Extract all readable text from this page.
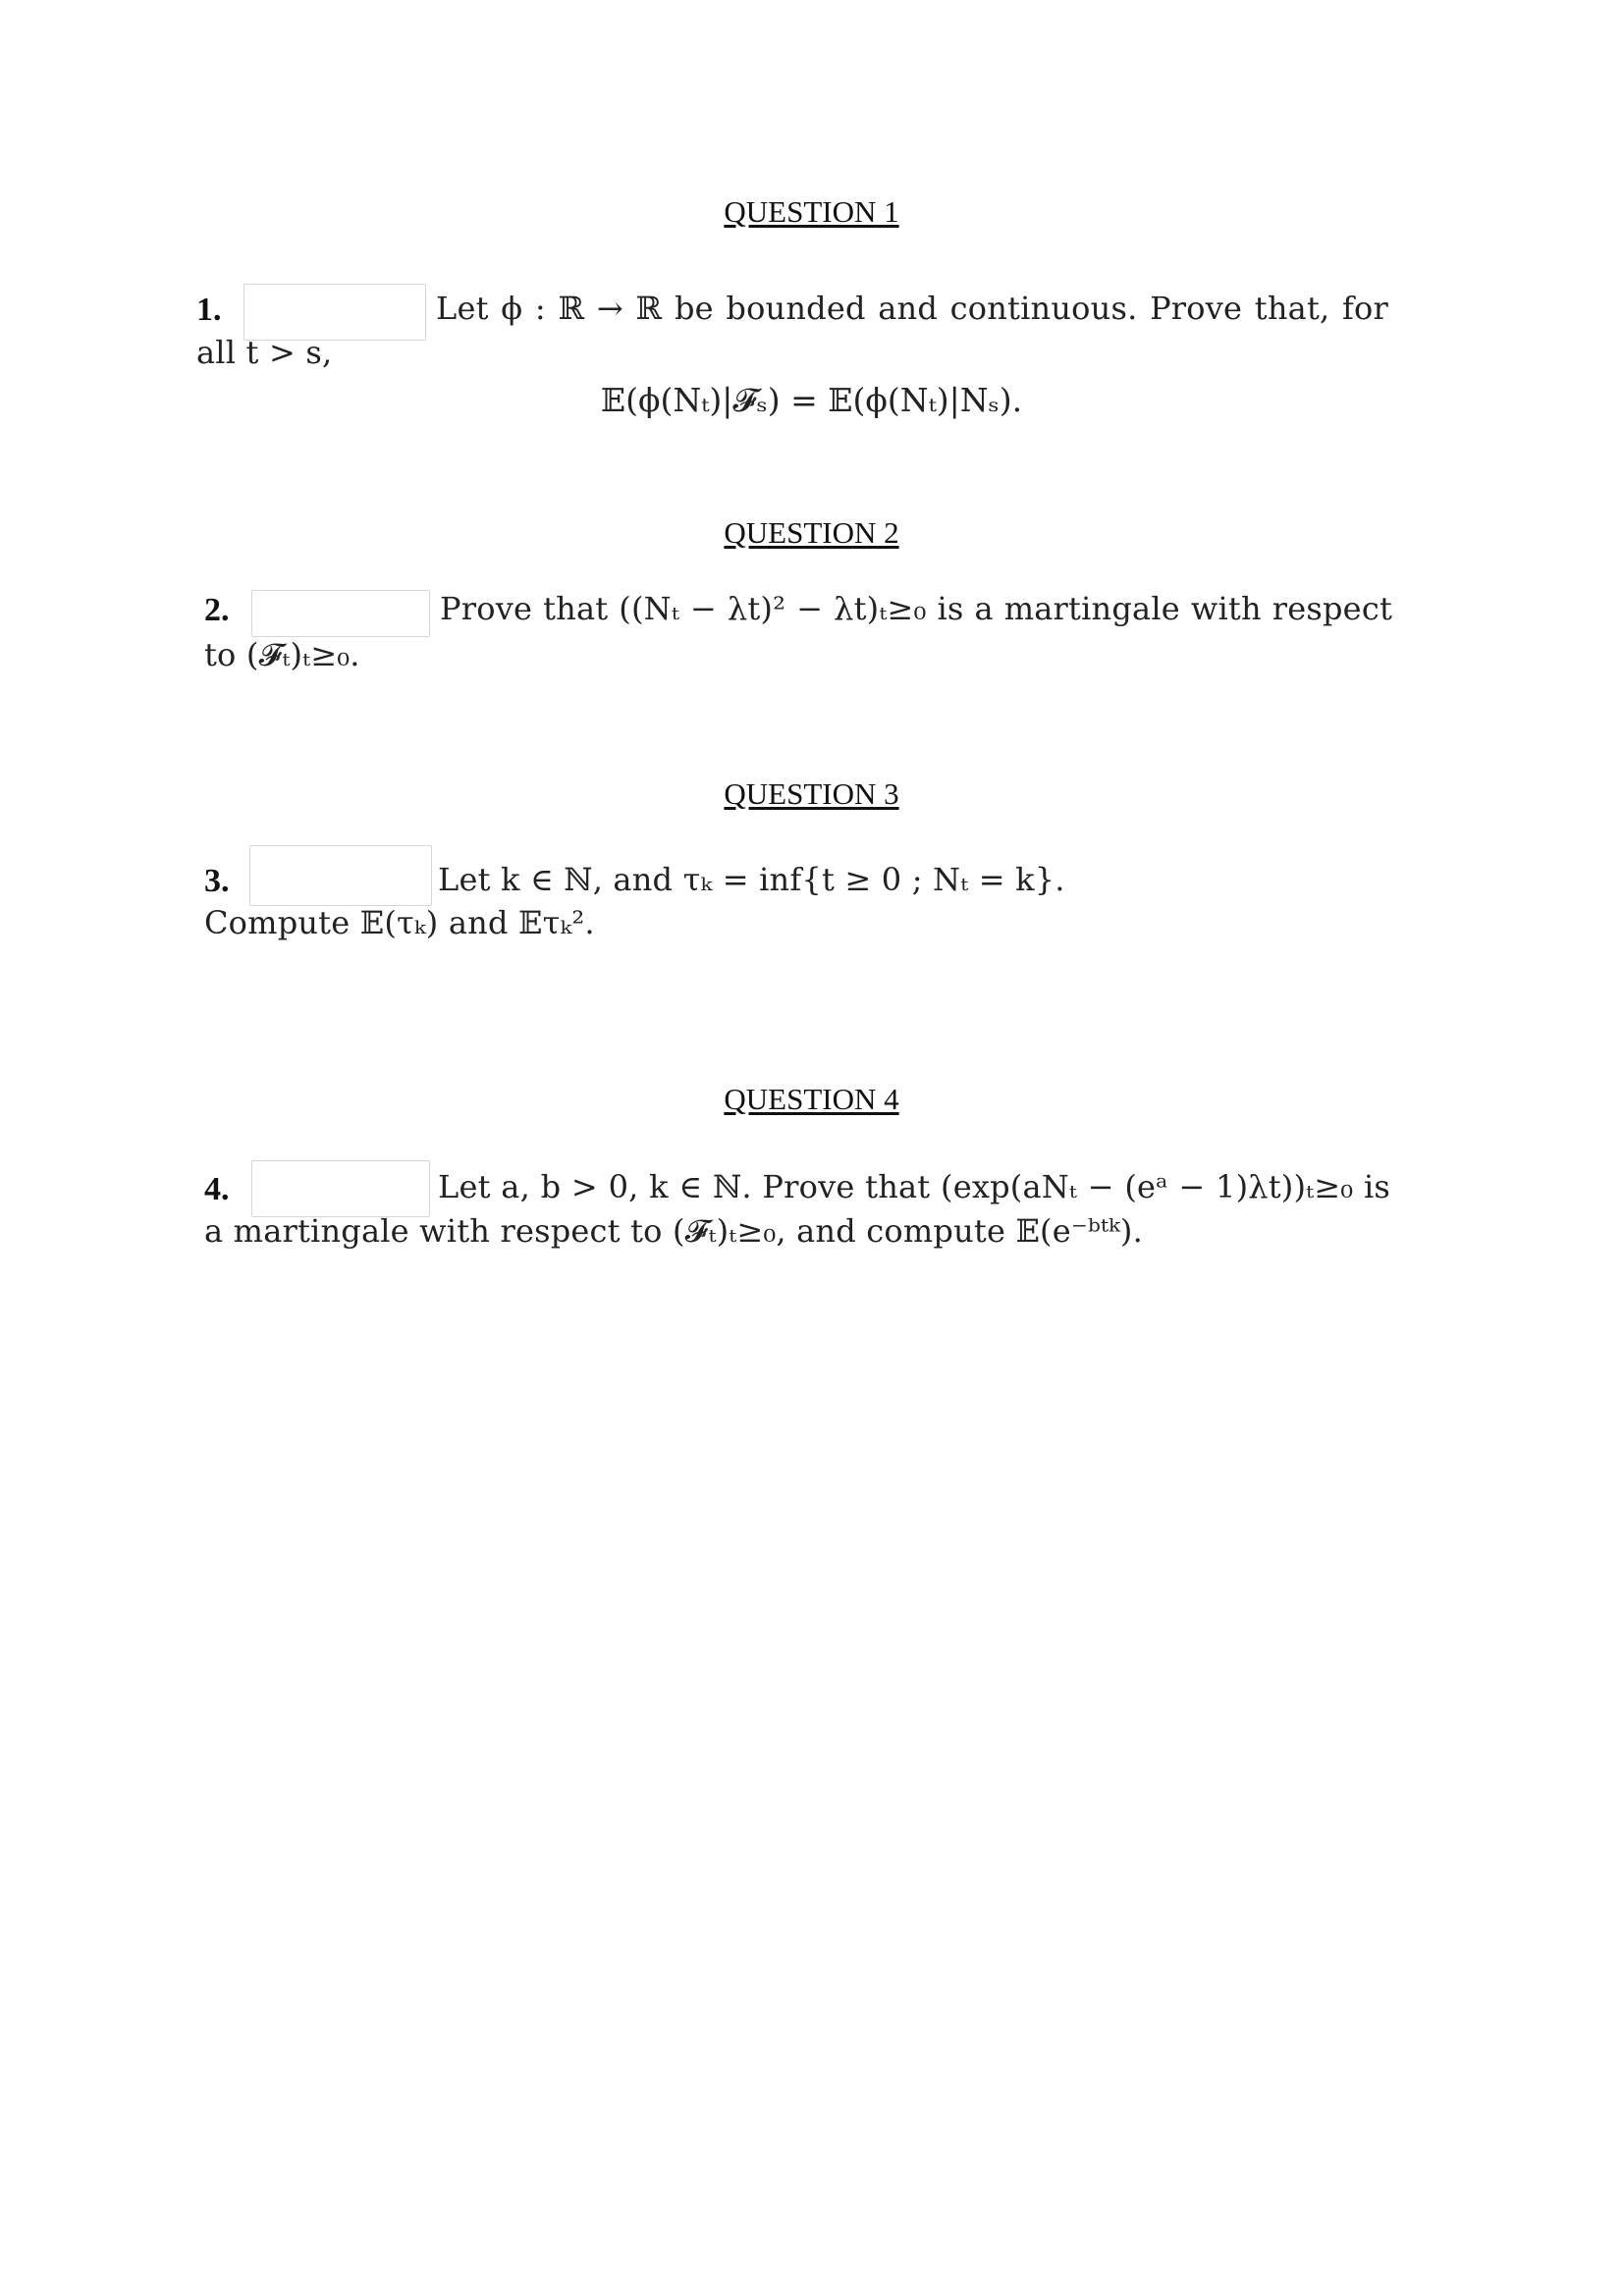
QUESTION 1
1.	Let ϕ : ℝ → ℝ be bounded and continuous. Prove that, for
all t > s,
𝔼(ϕ(Nₜ)|𝓕ₛ) = 𝔼(ϕ(Nₜ)|Nₛ).
QUESTION 2
2.	Prove that ((Nₜ − λt)² − λt)ₜ≥₀ is a martingale with respect
to (𝓕ₜ)ₜ≥₀.
QUESTION 3
3.	Let k ∈ ℕ, and τₖ = inf{t ≥ 0 ; Nₜ = k}.
Compute 𝔼(τₖ) and 𝔼τₖ².
QUESTION 4
4.	Let a, b > 0, k ∈ ℕ. Prove that (exp(aNₜ − (eᵃ − 1)λt))ₜ≥₀ is
a martingale with respect to (𝓕ₜ)ₜ≥₀, and compute 𝔼(e⁻ᵇᵗᵏ).
